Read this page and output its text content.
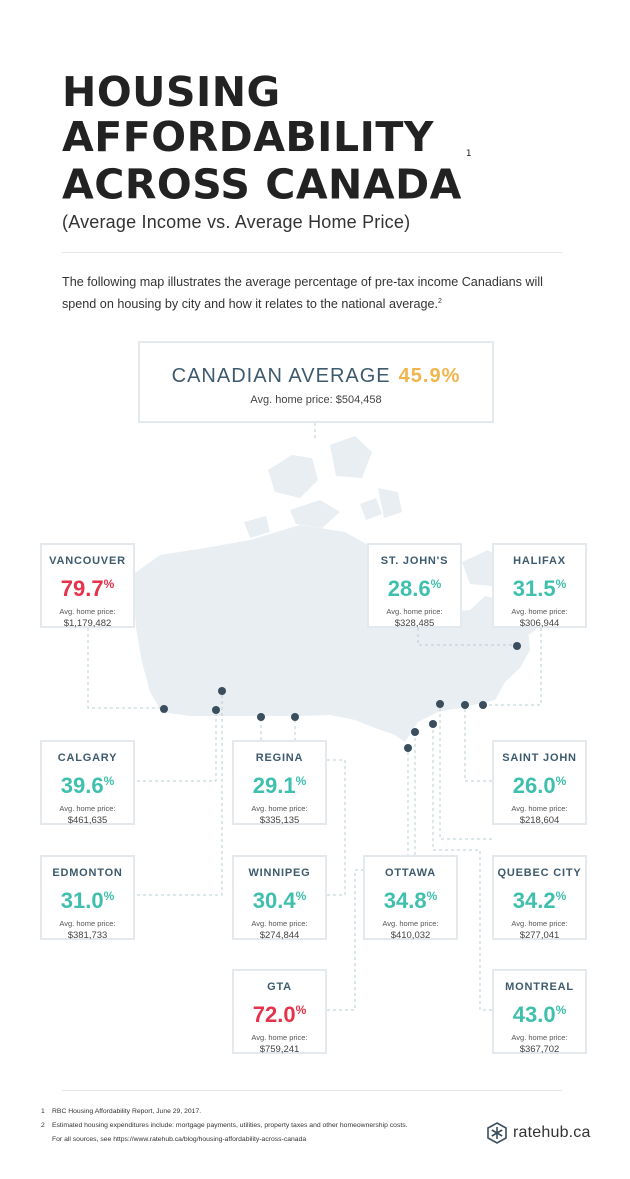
HOUSING
AFFORDABILITY
ACROSS CANADA$^1$
(Average Income vs. Average Home Price)

The following map illustrates the average percentage of pre-tax income Canadians will spend on housing by city and how it relates to the national average.$^2$

CANADIAN AVERAGE 45.9%
Avg. home price: $504,458
VANCOUVER
79.7%
Avg. home price:
$1,179,482
ST. JOHN'S
28.6%
Avg. home price:
$328,485
HALIFAX
31.5%
Avg. home price:
$306,944
CALGARY
39.6%
Avg. home price:
$461,635
REGINA
29.1%
Avg. home price:
$335,135
SAINT JOHN
26.0%
Avg. home price:
$218,604
EDMONTON
31.0%
Avg. home price:
$381,733
WINNIPEG
30.4%
Avg. home price:
$274,844
OTTAWA
34.8%
Avg. home price:
$410,032
QUEBEC CITY
34.2%
Avg. home price:
$277,041
GTA
72.0%
Avg. home price:
$759,241
MONTREAL
43.0%
Avg. home price:
$367,702
1	RBC Housing Affordability Report, June 29, 2017.
2	Estimated housing expenditures include: mortgage payments, utilities, property taxes and other homeownership costs.
For all sources, see https://www.ratehub.ca/blog/housing-affordability-across-canada	ratehub.ca
